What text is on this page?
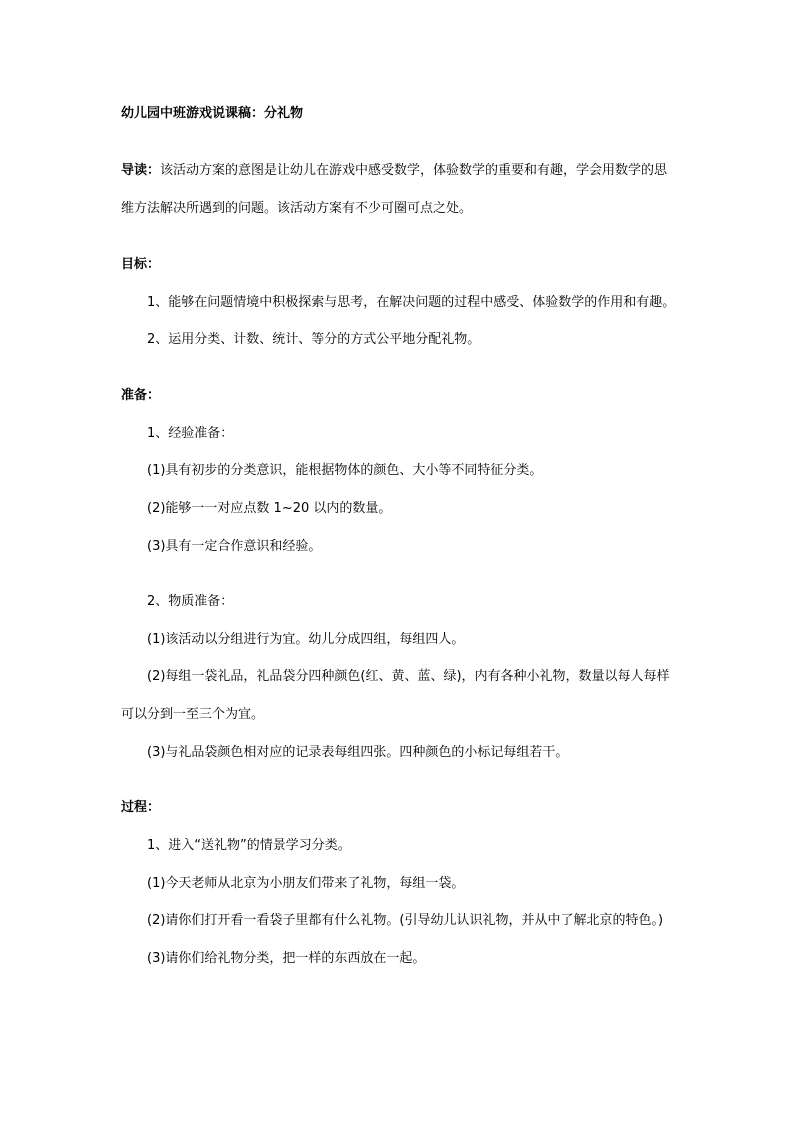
幼儿园中班游戏说课稿：分礼物

导读：该活动方案的意图是让幼儿在游戏中感受数学，体验数学的重要和有趣，学会用数学的思

维方法解决所遇到的问题。该活动方案有不少可圈可点之处。

目标：

1、能够在问题情境中积极探索与思考，在解决问题的过程中感受、体验数学的作用和有趣。

2、运用分类、计数、统计、等分的方式公平地分配礼物。

准备：

1、经验准备：

(1)具有初步的分类意识，能根据物体的颜色、大小等不同特征分类。

(2)能够一一对应点数 1~20 以内的数量。

(3)具有一定合作意识和经验。

2、物质准备：

(1)该活动以分组进行为宜。幼儿分成四组，每组四人。

(2)每组一袋礼品，礼品袋分四种颜色(红、黄、蓝、绿)，内有各种小礼物，数量以每人每样

可以分到一至三个为宜。

(3)与礼品袋颜色相对应的记录表每组四张。四种颜色的小标记每组若干。

过程：

1、进入“送礼物”的情景学习分类。

(1)今天老师从北京为小朋友们带来了礼物，每组一袋。

(2)请你们打开看一看袋子里都有什么礼物。(引导幼儿认识礼物，并从中了解北京的特色。)

(3)请你们给礼物分类，把一样的东西放在一起。
